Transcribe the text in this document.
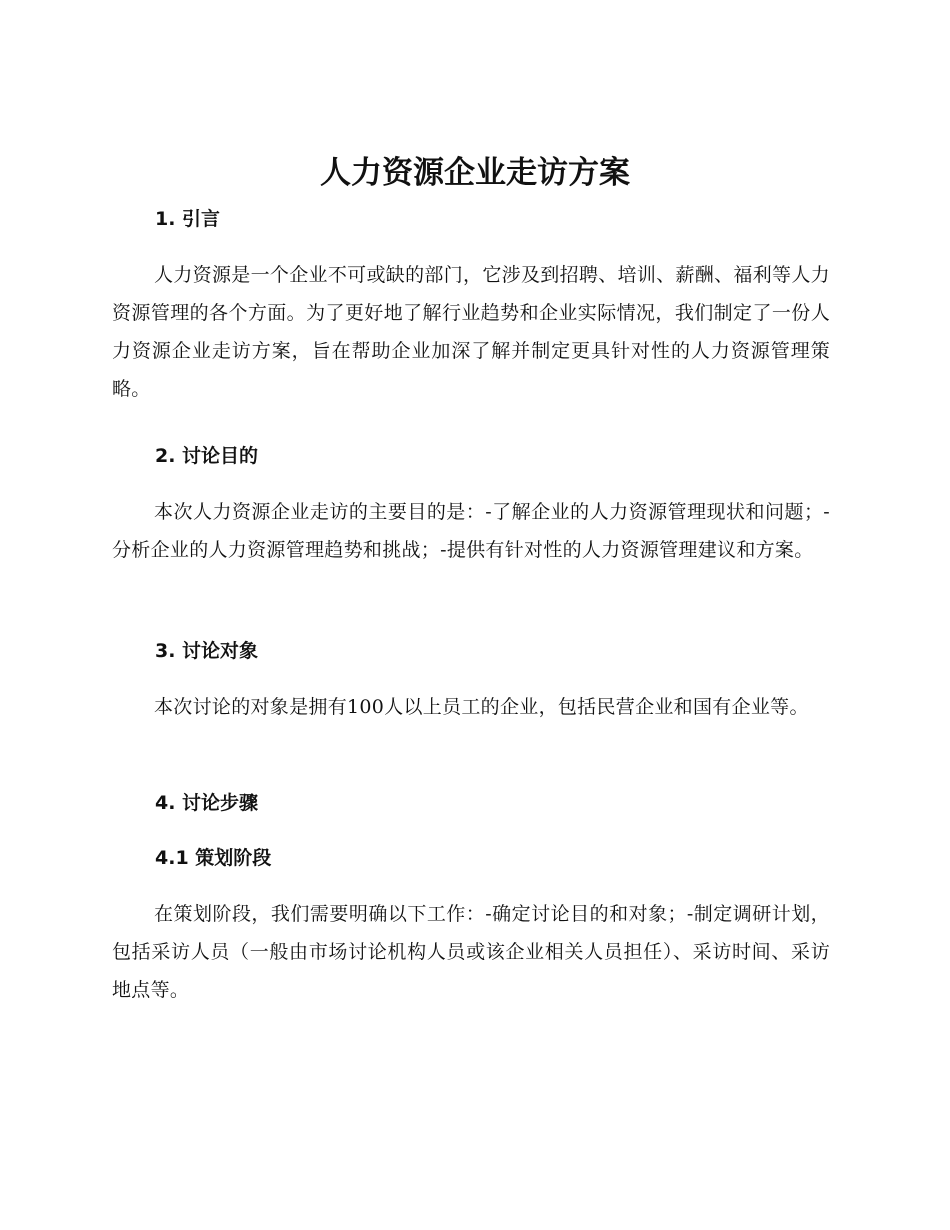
人力资源企业走访方案
1. 引言

人力资源是一个企业不可或缺的部门，它涉及到招聘、培训、薪酬、福利等人力资源管理的各个方面。为了更好地了解行业趋势和企业实际情况，我们制定了一份人力资源企业走访方案，旨在帮助企业加深了解并制定更具针对性的人力资源管理策略。

2. 讨论目的

本次人力资源企业走访的主要目的是：-了解企业的人力资源管理现状和问题；-分析企业的人力资源管理趋势和挑战；-提供有针对性的人力资源管理建议和方案。

3. 讨论对象

本次讨论的对象是拥有100人以上员工的企业，包括民营企业和国有企业等。

4. 讨论步骤
4.1 策划阶段

在策划阶段，我们需要明确以下工作：-确定讨论目的和对象；-制定调研计划，包括采访人员（一般由市场讨论机构人员或该企业相关人员担任）、采访时间、采访地点等。
